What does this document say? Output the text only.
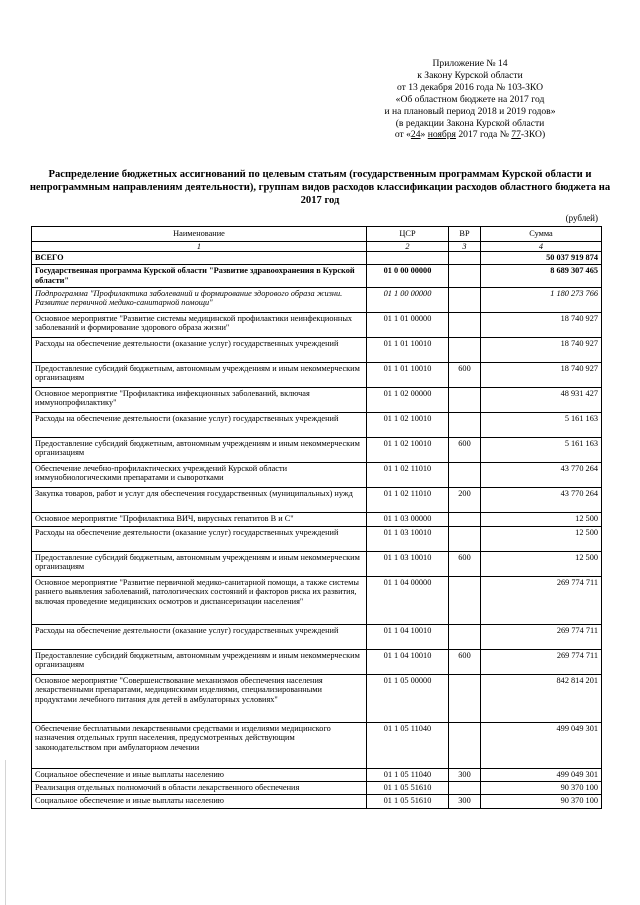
Приложение № 14
к Закону Курской области
от 13 декабря 2016 года № 103-ЗКО
«Об областном бюджете на 2017 год
и на плановый период 2018 и 2019 годов»
(в редакции Закона Курской области
от «24» ноября 2017 года № 77-ЗКО)
Распределение бюджетных ассигнований по целевым статьям (государственным программам Курской области и непрограммным направлениям деятельности), группам видов расходов классификации расходов областного бюджета на 2017 год
(рублей)
Наименование	ЦСР	ВР	Сумма
1	2	3	4
ВСЕГО			50 037 919 874
Государственная программа Курской области "Развитие здравоохранения в Курской области"	01 0 00 00000		8 689 307 465
Подпрограмма "Профилактика заболеваний и формирование здорового образа жизни. Развитие первичной медико-санитарной помощи"	01 1 00 00000		1 180 273 766
Основное мероприятие "Развитие системы медицинской профилактики неинфекционных заболеваний и формирование здорового образа жизни"	01 1 01 00000		18 740 927
Расходы на обеспечение деятельности (оказание услуг) государственных учреждений	01 1 01 10010		18 740 927
Предоставление субсидий бюджетным, автономным учреждениям и иным некоммерческим организациям	01 1 01 10010	600	18 740 927
Основное мероприятие "Профилактика инфекционных заболеваний, включая иммунопрофилактику"	01 1 02 00000		48 931 427
Расходы на обеспечение деятельности (оказание услуг) государственных учреждений	01 1 02 10010		5 161 163
Предоставление субсидий бюджетным, автономным учреждениям и иным некоммерческим организациям	01 1 02 10010	600	5 161 163
Обеспечение лечебно-профилактических учреждений Курской области иммунобиологическими препаратами и сыворотками	01 1 02 11010		43 770 264
Закупка товаров, работ и услуг для обеспечения государственных (муниципальных) нужд	01 1 02 11010	200	43 770 264
Основное мероприятие "Профилактика ВИЧ, вирусных гепатитов В и С"	01 1 03 00000		12 500
Расходы на обеспечение деятельности (оказание услуг) государственных учреждений	01 1 03 10010		12 500
Предоставление субсидий бюджетным, автономным учреждениям и иным некоммерческим организациям	01 1 03 10010	600	12 500
Основное мероприятие "Развитие первичной медико-санитарной помощи, а также системы раннего выявления заболеваний, патологических состояний и факторов риска их развития, включая проведение медицинских осмотров и диспансеризации населения"	01 1 04 00000		269 774 711
Расходы на обеспечение деятельности (оказание услуг) государственных учреждений	01 1 04 10010		269 774 711
Предоставление субсидий бюджетным, автономным учреждениям и иным некоммерческим организациям	01 1 04 10010	600	269 774 711
Основное мероприятие "Совершенствование механизмов обеспечения населения лекарственными препаратами, медицинскими изделиями, специализированными продуктами лечебного питания для детей в амбулаторных условиях"	01 1 05 00000		842 814 201
Обеспечение бесплатными лекарственными средствами и изделиями медицинского назначения отдельных групп населения, предусмотренных действующим законодательством при амбулаторном лечении	01 1 05 11040		499 049 301
Социальное обеспечение и иные выплаты населению	01 1 05 11040	300	499 049 301
Реализация отдельных полномочий в области лекарственного обеспечения	01 1 05 51610		90 370 100
Социальное обеспечение и иные выплаты населению	01 1 05 51610	300	90 370 100
